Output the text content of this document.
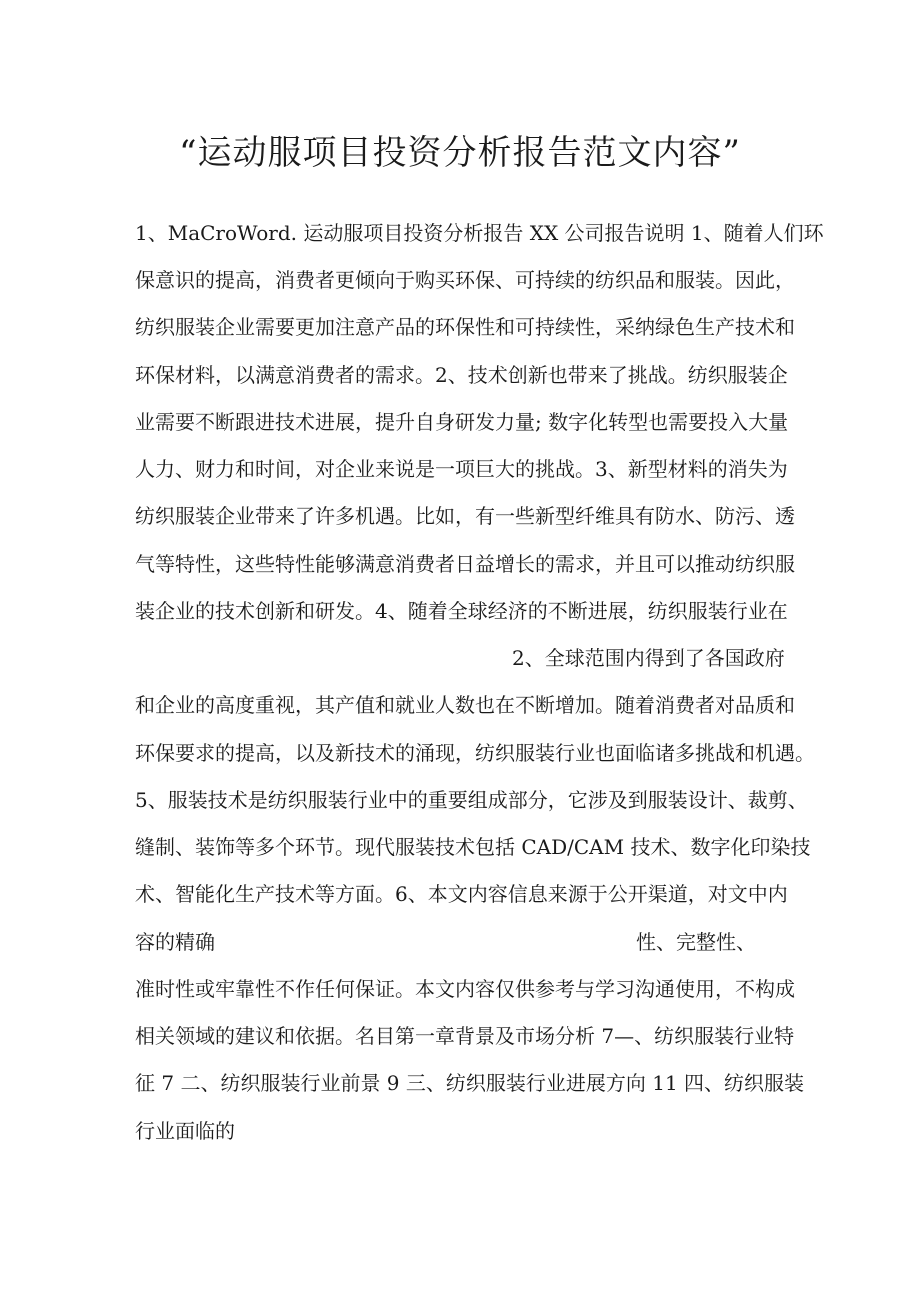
“运动服项目投资分析报告范文内容”
1、MaCroWord. 运动服项目投资分析报告 XX 公司报告说明 1、随着人们环
保意识的提高，消费者更倾向于购买环保、可持续的纺织品和服装。因此，
纺织服装企业需要更加注意产品的环保性和可持续性，采纳绿色生产技术和
环保材料，以满意消费者的需求。2、技术创新也带来了挑战。纺织服装企
业需要不断跟进技术进展，提升自身研发力量; 数字化转型也需要投入大量
人力、财力和时间，对企业来说是一项巨大的挑战。3、新型材料的消失为
纺织服装企业带来了许多机遇。比如，有一些新型纤维具有防水、防污、透
气等特性，这些特性能够满意消费者日益增长的需求，并且可以推动纺织服
装企业的技术创新和研发。4、随着全球经济的不断进展，纺织服装行业在
2、全球范围内得到了各国政府
和企业的高度重视，其产值和就业人数也在不断增加。随着消费者对品质和
环保要求的提高，以及新技术的涌现，纺织服装行业也面临诸多挑战和机遇。
5、服装技术是纺织服装行业中的重要组成部分，它涉及到服装设计、裁剪、
缝制、装饰等多个环节。现代服装技术包括 CAD/CAM 技术、数字化印染技
术、智能化生产技术等方面。6、本文内容信息来源于公开渠道，对文中内
容的精确	性、完整性、
准时性或牢靠性不作任何保证。本文内容仅供参考与学习沟通使用，不构成
相关领域的建议和依据。名目第一章背景及市场分析 7—、纺织服装行业特
征 7 二、纺织服装行业前景 9 三、纺织服装行业进展方向 11 四、纺织服装
行业面临的
